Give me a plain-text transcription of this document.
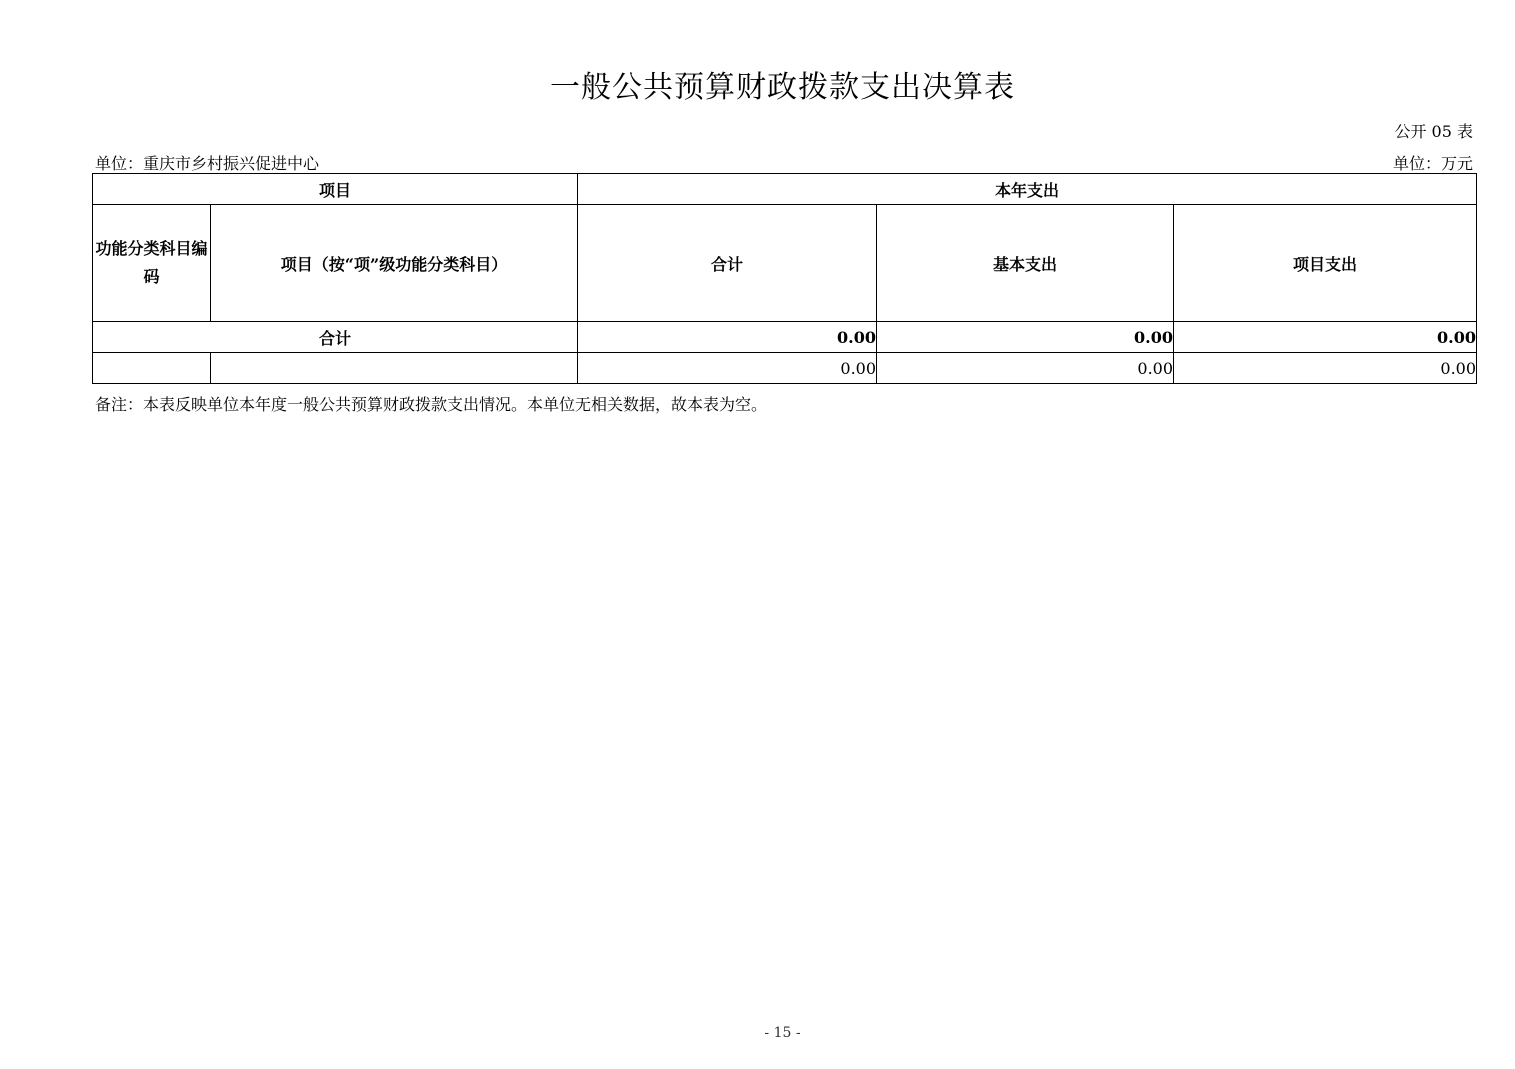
一般公共预算财政拨款支出决算表
公开 05 表
单位：重庆市乡村振兴促进中心	单位：万元
项目		本年支出		
功能分类科目编码	项目（按“项”级功能分类科目）	合计	基本支出	项目支出
合计		0.00	0.00	0.00
		0.00	0.00	0.00
备注：本表反映单位本年度一般公共预算财政拨款支出情况。本单位无相关数据，故本表为空。
- 15 -
